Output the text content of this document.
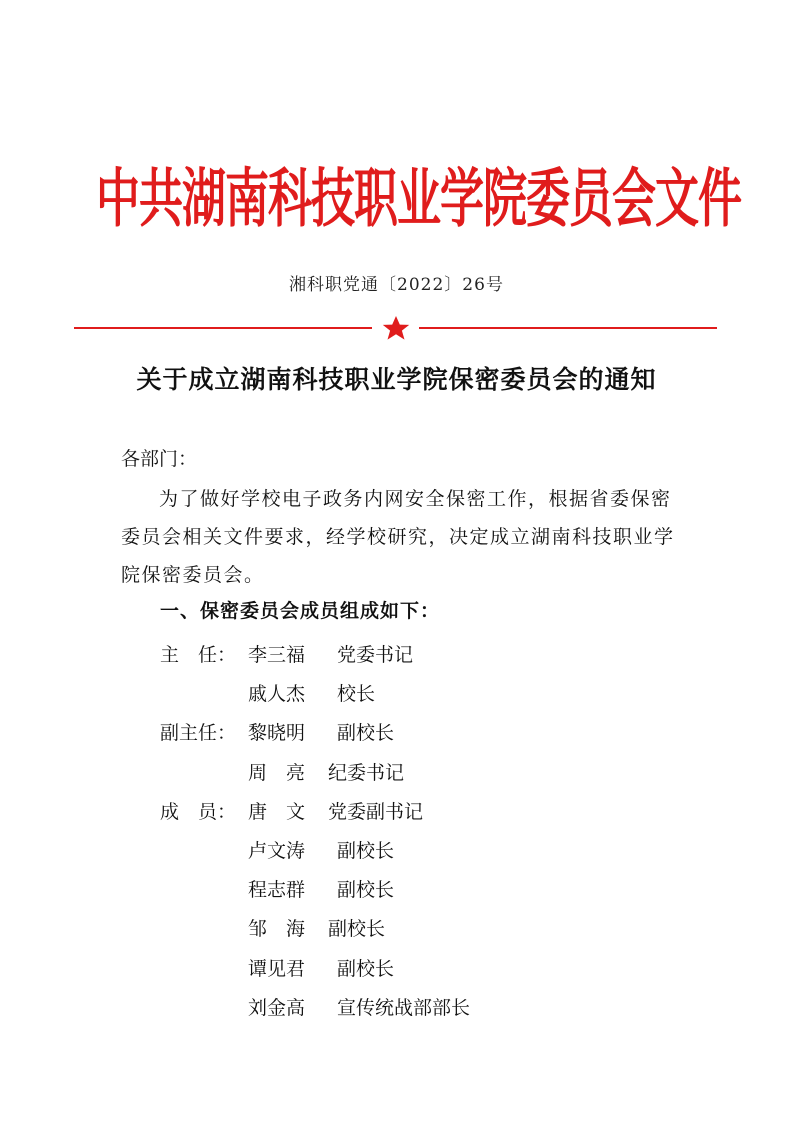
中共湖南科技职业学院委员会文件
湘科职党通〔2022〕26号
关于成立湖南科技职业学院保密委员会的通知
各部门：
为了做好学校电子政务内网安全保密工作，根据省委保密委员会相关文件要求，经学校研究，决定成立湖南科技职业学院保密委员会。
一、保密委员会成员组成如下：
主　任： 李三福 党委书记
戚人杰 校长
副主任： 黎晓明 副校长
周　亮 纪委书记
成　员： 唐　文 党委副书记
卢文涛 副校长
程志群 副校长
邹　海 副校长
谭见君 副校长
刘金高 宣传统战部部长
